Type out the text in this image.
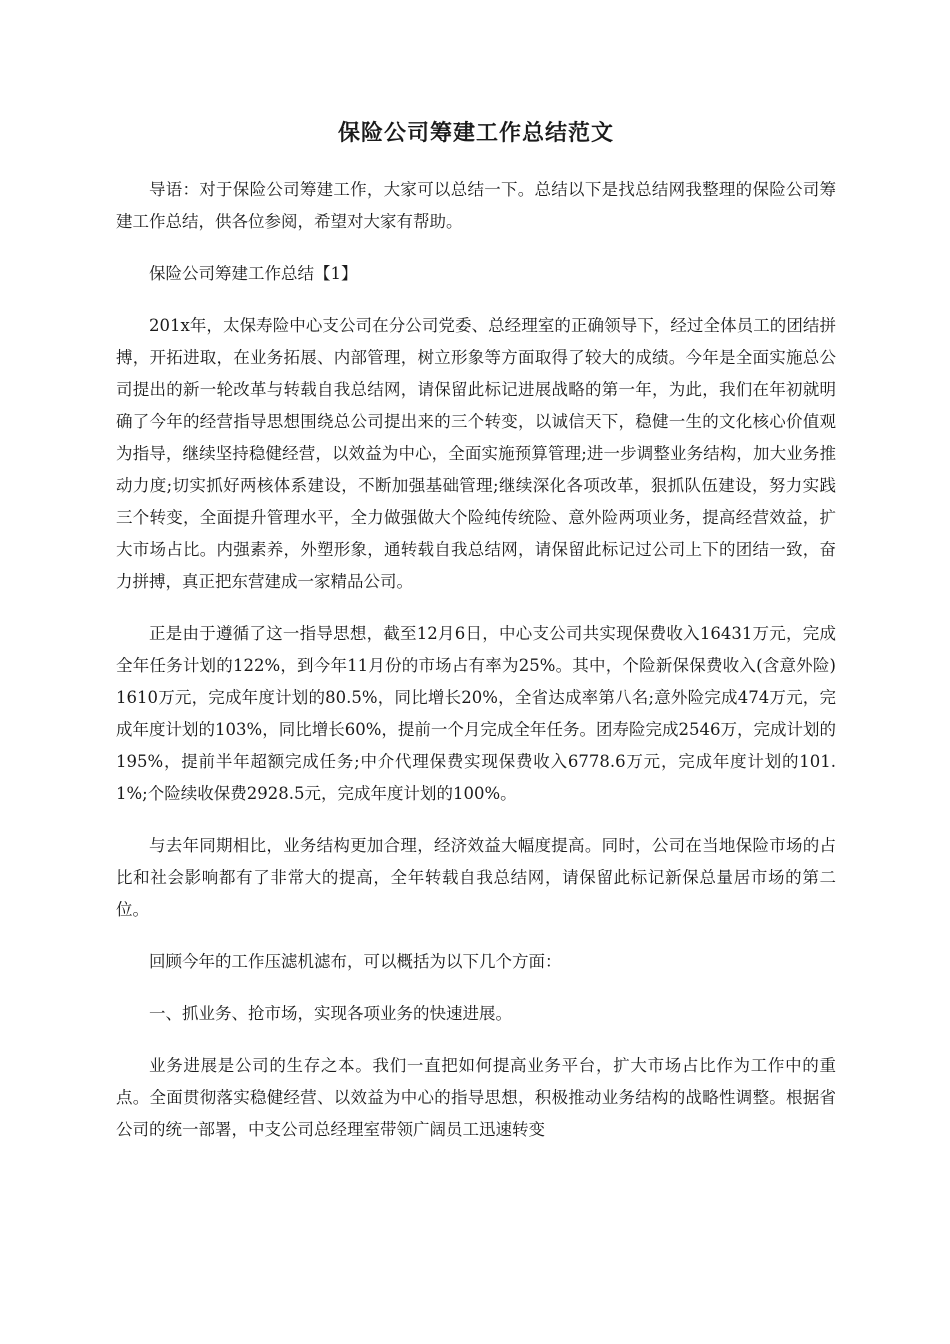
保险公司筹建工作总结范文

导语：对于保险公司筹建工作，大家可以总结一下。总结以下是找总结网我整理的保险公司筹建工作总结，供各位参阅，希望对大家有帮助。

保险公司筹建工作总结【1】

201x年，太保寿险中心支公司在分公司党委、总经理室的正确领导下，经过全体员工的团结拼搏，开拓进取，在业务拓展、内部管理，树立形象等方面取得了较大的成绩。今年是全面实施总公司提出的新一轮改革与转载自我总结网，请保留此标记进展战略的第一年，为此，我们在年初就明确了今年的经营指导思想围绕总公司提出来的三个转变，以诚信天下，稳健一生的文化核心价值观为指导，继续坚持稳健经营，以效益为中心，全面实施预算管理;进一步调整业务结构，加大业务推动力度;切实抓好两核体系建设，不断加强基础管理;继续深化各项改革，狠抓队伍建设，努力实践三个转变，全面提升管理水平，全力做强做大个险纯传统险、意外险两项业务，提高经营效益，扩大市场占比。内强素养，外塑形象，通转载自我总结网，请保留此标记过公司上下的团结一致，奋力拼搏，真正把东营建成一家精品公司。

正是由于遵循了这一指导思想，截至12月6日，中心支公司共实现保费收入16431万元，完成全年任务计划的122%，到今年11月份的市场占有率为25%。其中，个险新保保费收入(含意外险)1610万元，完成年度计划的80.5%，同比增长20%，全省达成率第八名;意外险完成474万元，完成年度计划的103%，同比增长60%，提前一个月完成全年任务。团寿险完成2546万，完成计划的195%，提前半年超额完成任务;中介代理保费实现保费收入6778.6万元，完成年度计划的101.1%;个险续收保费2928.5元，完成年度计划的100%。

与去年同期相比，业务结构更加合理，经济效益大幅度提高。同时，公司在当地保险市场的占比和社会影响都有了非常大的提高，全年转载自我总结网，请保留此标记新保总量居市场的第二位。

回顾今年的工作压滤机滤布，可以概括为以下几个方面：

一、抓业务、抢市场，实现各项业务的快速进展。

业务进展是公司的生存之本。我们一直把如何提高业务平台，扩大市场占比作为工作中的重点。全面贯彻落实稳健经营、以效益为中心的指导思想，积极推动业务结构的战略性调整。根据省公司的统一部署，中支公司总经理室带领广阔员工迅速转变
